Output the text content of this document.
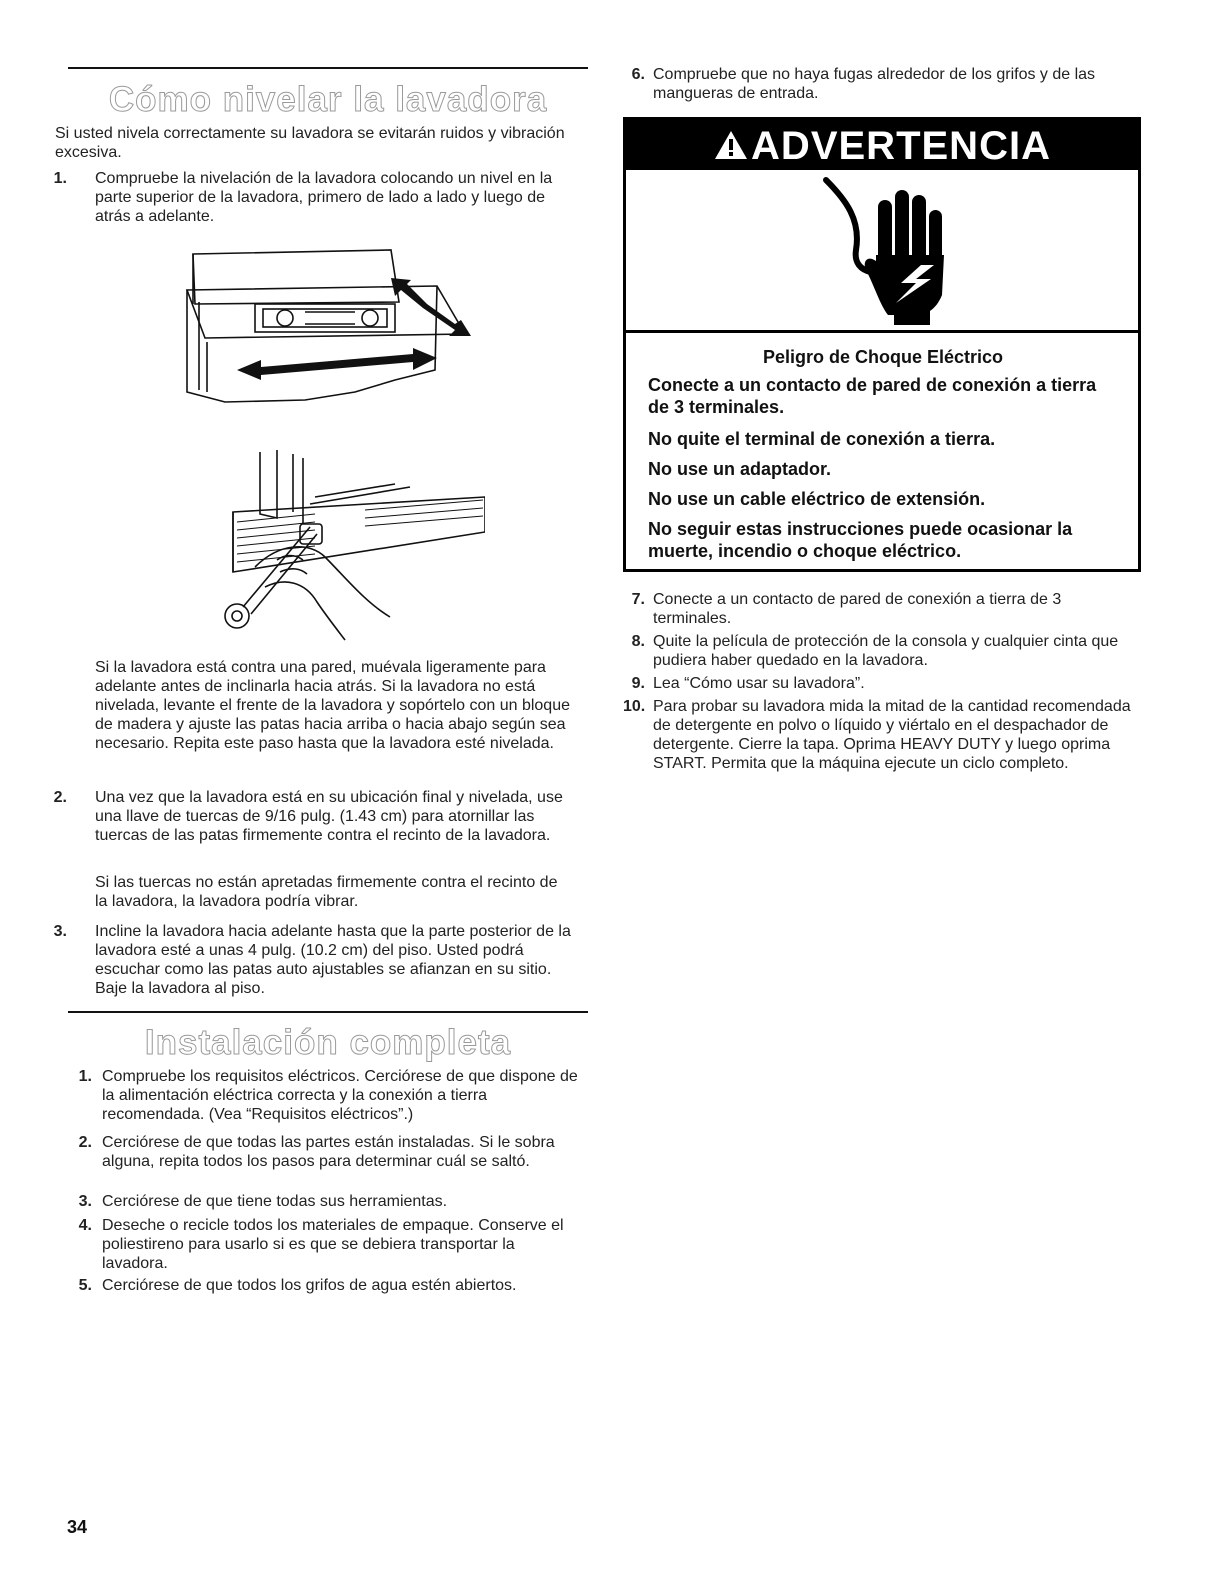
Cómo nivelar la lavadora
Si usted nivela correctamente su lavadora se evitarán ruidos y vibración excesiva.
1. Compruebe la nivelación de la lavadora colocando un nivel en la parte superior de la lavadora, primero de lado a lado y luego de atrás a adelante.
Si la lavadora está contra una pared, muévala ligeramente para adelante antes de inclinarla hacia atrás. Si la lavadora no está nivelada, levante el frente de la lavadora y sopórtelo con un bloque de madera y ajuste las patas hacia arriba o hacia abajo según sea necesario. Repita este paso hasta que la lavadora esté nivelada.
2. Una vez que la lavadora está en su ubicación final y nivelada, use una llave de tuercas de 9/16 pulg. (1.43 cm) para atornillar las tuercas de las patas firmemente contra el recinto de la lavadora.
Si las tuercas no están apretadas firmemente contra el recinto de la lavadora, la lavadora podría vibrar.
3. Incline la lavadora hacia adelante hasta que la parte posterior de la lavadora esté a unas 4 pulg. (10.2 cm) del piso. Usted podrá escuchar como las patas auto ajustables se afianzan en su sitio. Baje la lavadora al piso.
Instalación completa
1. Compruebe los requisitos eléctricos. Cerciórese de que dispone de la alimentación eléctrica correcta y la conexión a tierra recomendada. (Vea “Requisitos eléctricos”.)
2. Cerciórese de que todas las partes están instaladas. Si le sobra alguna, repita todos los pasos para determinar cuál se saltó.
3. Cerciórese de que tiene todas sus herramientas.
4. Deseche o recicle todos los materiales de empaque. Conserve el poliestireno para usarlo si es que se debiera transportar la lavadora.
5. Cerciórese de que todos los grifos de agua estén abiertos.
6. Compruebe que no haya fugas alrededor de los grifos y de las mangueras de entrada.
ADVERTENCIA
Peligro de Choque Eléctrico
Conecte a un contacto de pared de conexión a tierra de 3 terminales.
No quite el terminal de conexión a tierra.
No use un adaptador.
No use un cable eléctrico de extensión.
No seguir estas instrucciones puede ocasionar la muerte, incendio o choque eléctrico.
7. Conecte a un contacto de pared de conexión a tierra de 3 terminales.
8. Quite la película de protección de la consola y cualquier cinta que pudiera haber quedado en la lavadora.
9. Lea “Cómo usar su lavadora”.
10. Para probar su lavadora mida la mitad de la cantidad recomendada de detergente en polvo o líquido y viértalo en el despachador de detergente. Cierre la tapa. Oprima HEAVY DUTY y luego oprima START. Permita que la máquina ejecute un ciclo completo.
34
